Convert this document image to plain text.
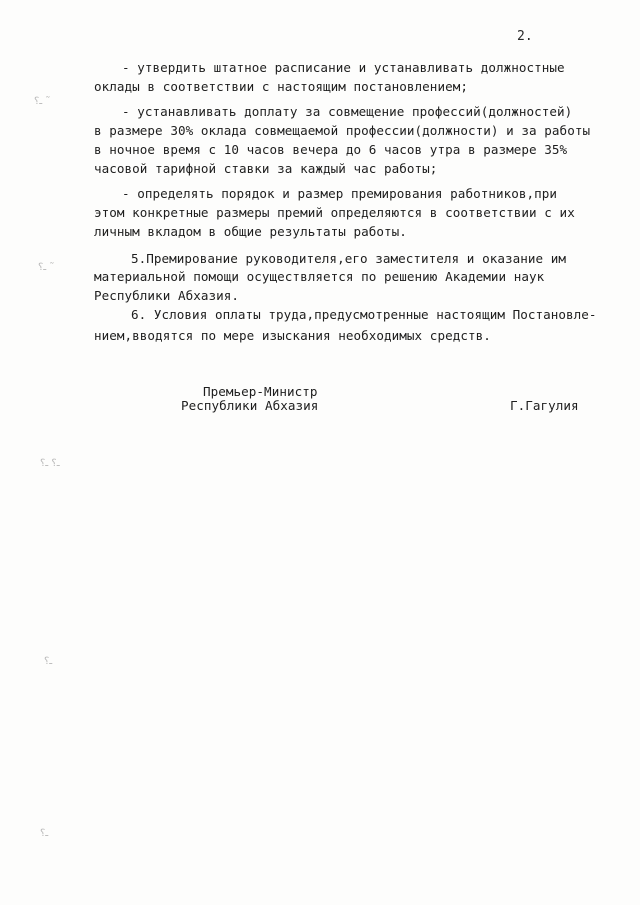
2.
- утвердить штатное расписание и устанавливать должностные
оклады в соответствии с настоящим постановлением;
- устанавливать доплату за совмещение профессий(должностей)
в размере 30% оклада совмещаемой профессии(должности) и за работы
в ночное время с 10 часов вечера до 6 часов утра в размере 35%
часовой тарифной ставки за каждый час работы;
- определять порядок и размер премирования работников,при
этом конкретные размеры премий определяются в соответствии с их
личным вкладом в общие результаты работы.
5.Премирование руководителя,его заместителя и оказание им
материальной помощи осуществляется по решению Академии наук
Республики Абхазия.
6. Условия оплаты труда,предусмотренные настоящим Постановле-
нием,вводятся по мере изыскания необходимых средств.
Премьер-Министр
Республики Абхазия	Г.Гагулия
ـ؟ ˜
ـ؟ ˜
ـ؟ ـ؟
ـ؟
ـ؟
